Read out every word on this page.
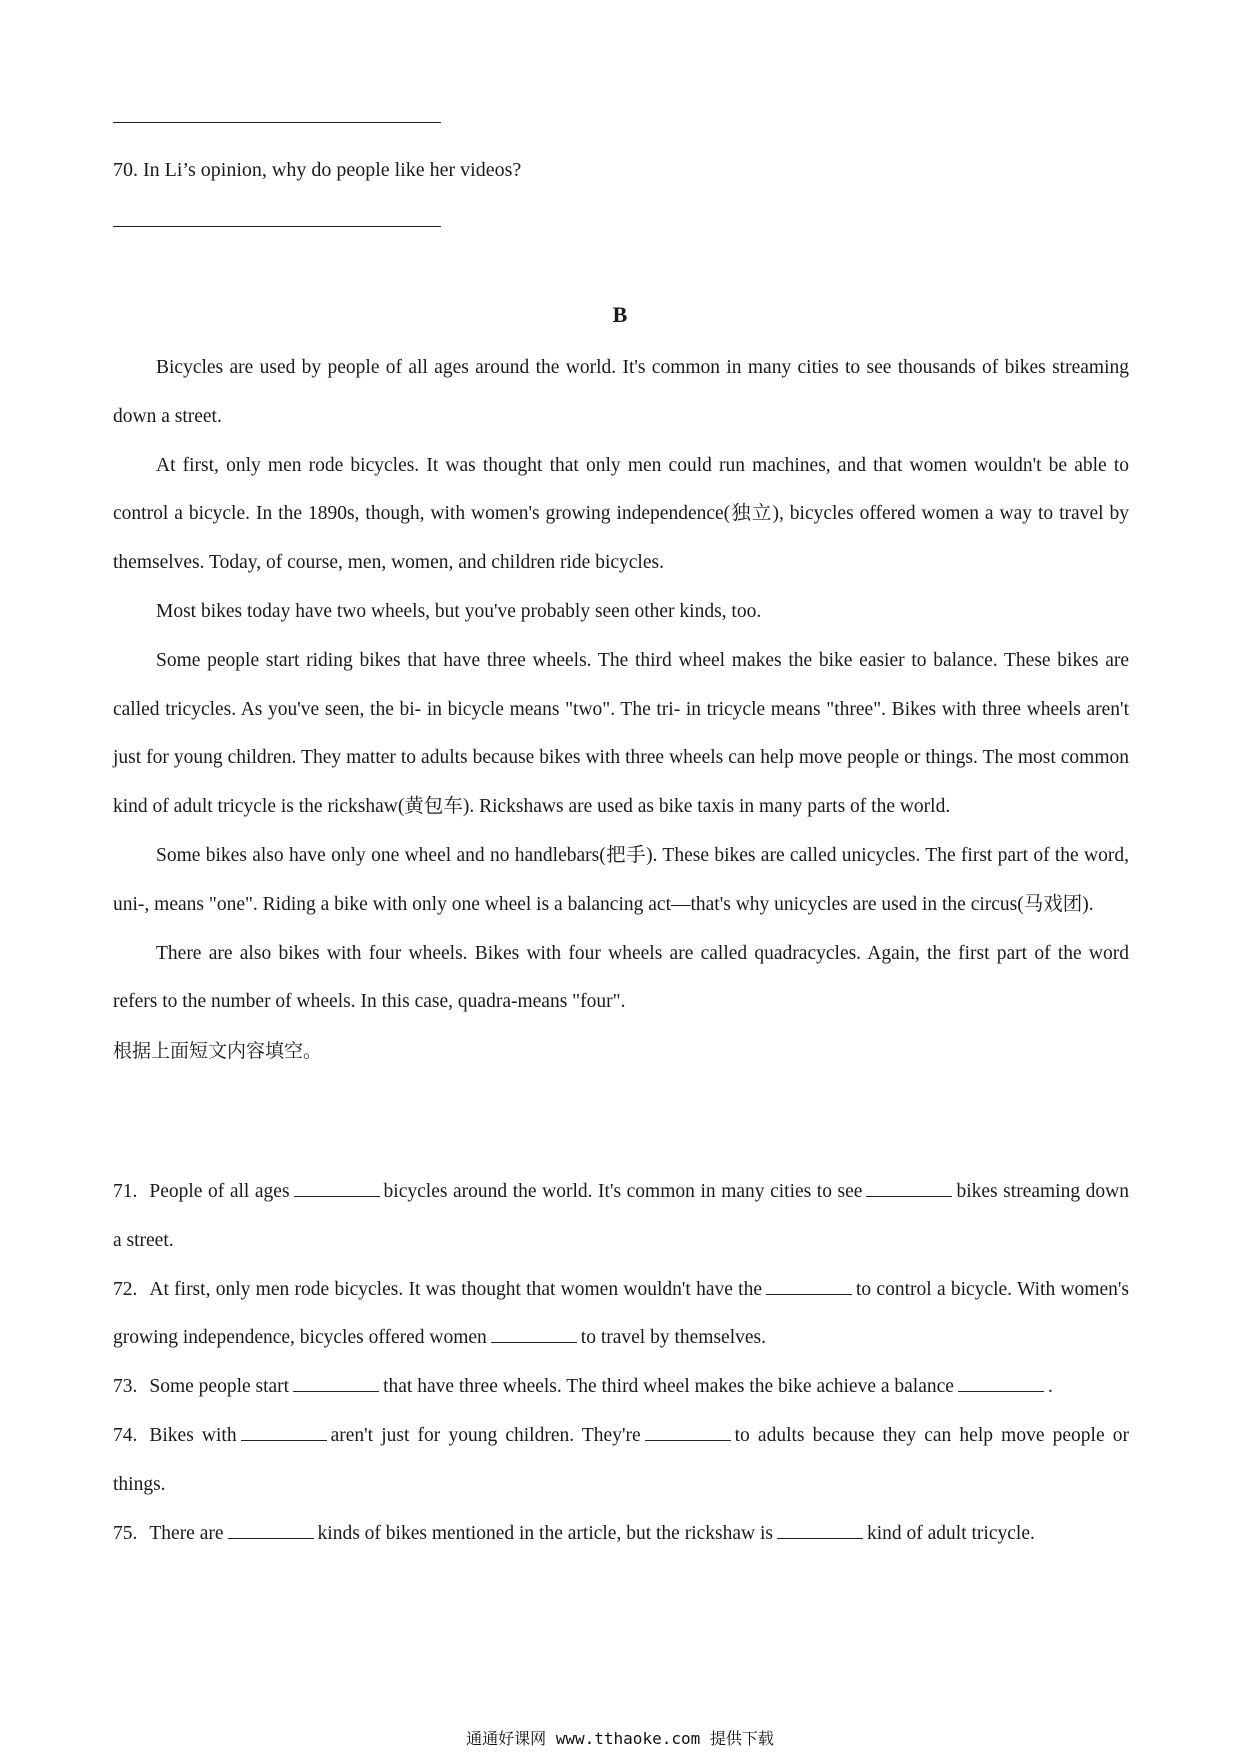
70. In Li’s opinion, why do people like her videos?
B

Bicycles are used by people of all ages around the world. It's common in many cities to see thousands of bikes streaming down a street.

At first, only men rode bicycles. It was thought that only men could run machines, and that women wouldn't be able to control a bicycle. In the 1890s, though, with women's growing independence(独立), bicycles offered women a way to travel by themselves. Today, of course, men, women, and children ride bicycles.

Most bikes today have two wheels, but you've probably seen other kinds, too.

Some people start riding bikes that have three wheels. The third wheel makes the bike easier to balance. These bikes are called tricycles. As you've seen, the bi- in bicycle means "two". The tri- in tricycle means "three". Bikes with three wheels aren't just for young children. They matter to adults because bikes with three wheels can help move people or things. The most common kind of adult tricycle is the rickshaw(黄包车). Rickshaws are used as bike taxis in many parts of the world.

Some bikes also have only one wheel and no handlebars(把手). These bikes are called unicycles. The first part of the word, uni-, means "one". Riding a bike with only one wheel is a balancing act—that's why unicycles are used in the circus(马戏团).

There are also bikes with four wheels. Bikes with four wheels are called quadracycles. Again, the first part of the word refers to the number of wheels. In this case, quadra-means "four".

根据上面短文内容填空。

71. People of all ages	bicycles around the world. It's common in many cities to see	bikes streaming down a street.

72. At first, only men rode bicycles. It was thought that women wouldn't have the	to control a bicycle. With women's growing independence, bicycles offered women	to travel by themselves.

73. Some people start	that have three wheels. The third wheel makes the bike achieve a balance	.

74. Bikes with	aren't just for young children. They're	to adults because they can help move people or things.

75. There are	kinds of bikes mentioned in the article, but the rickshaw is	kind of adult tricycle.

通通好课网 www.tthaoke.com 提供下载
